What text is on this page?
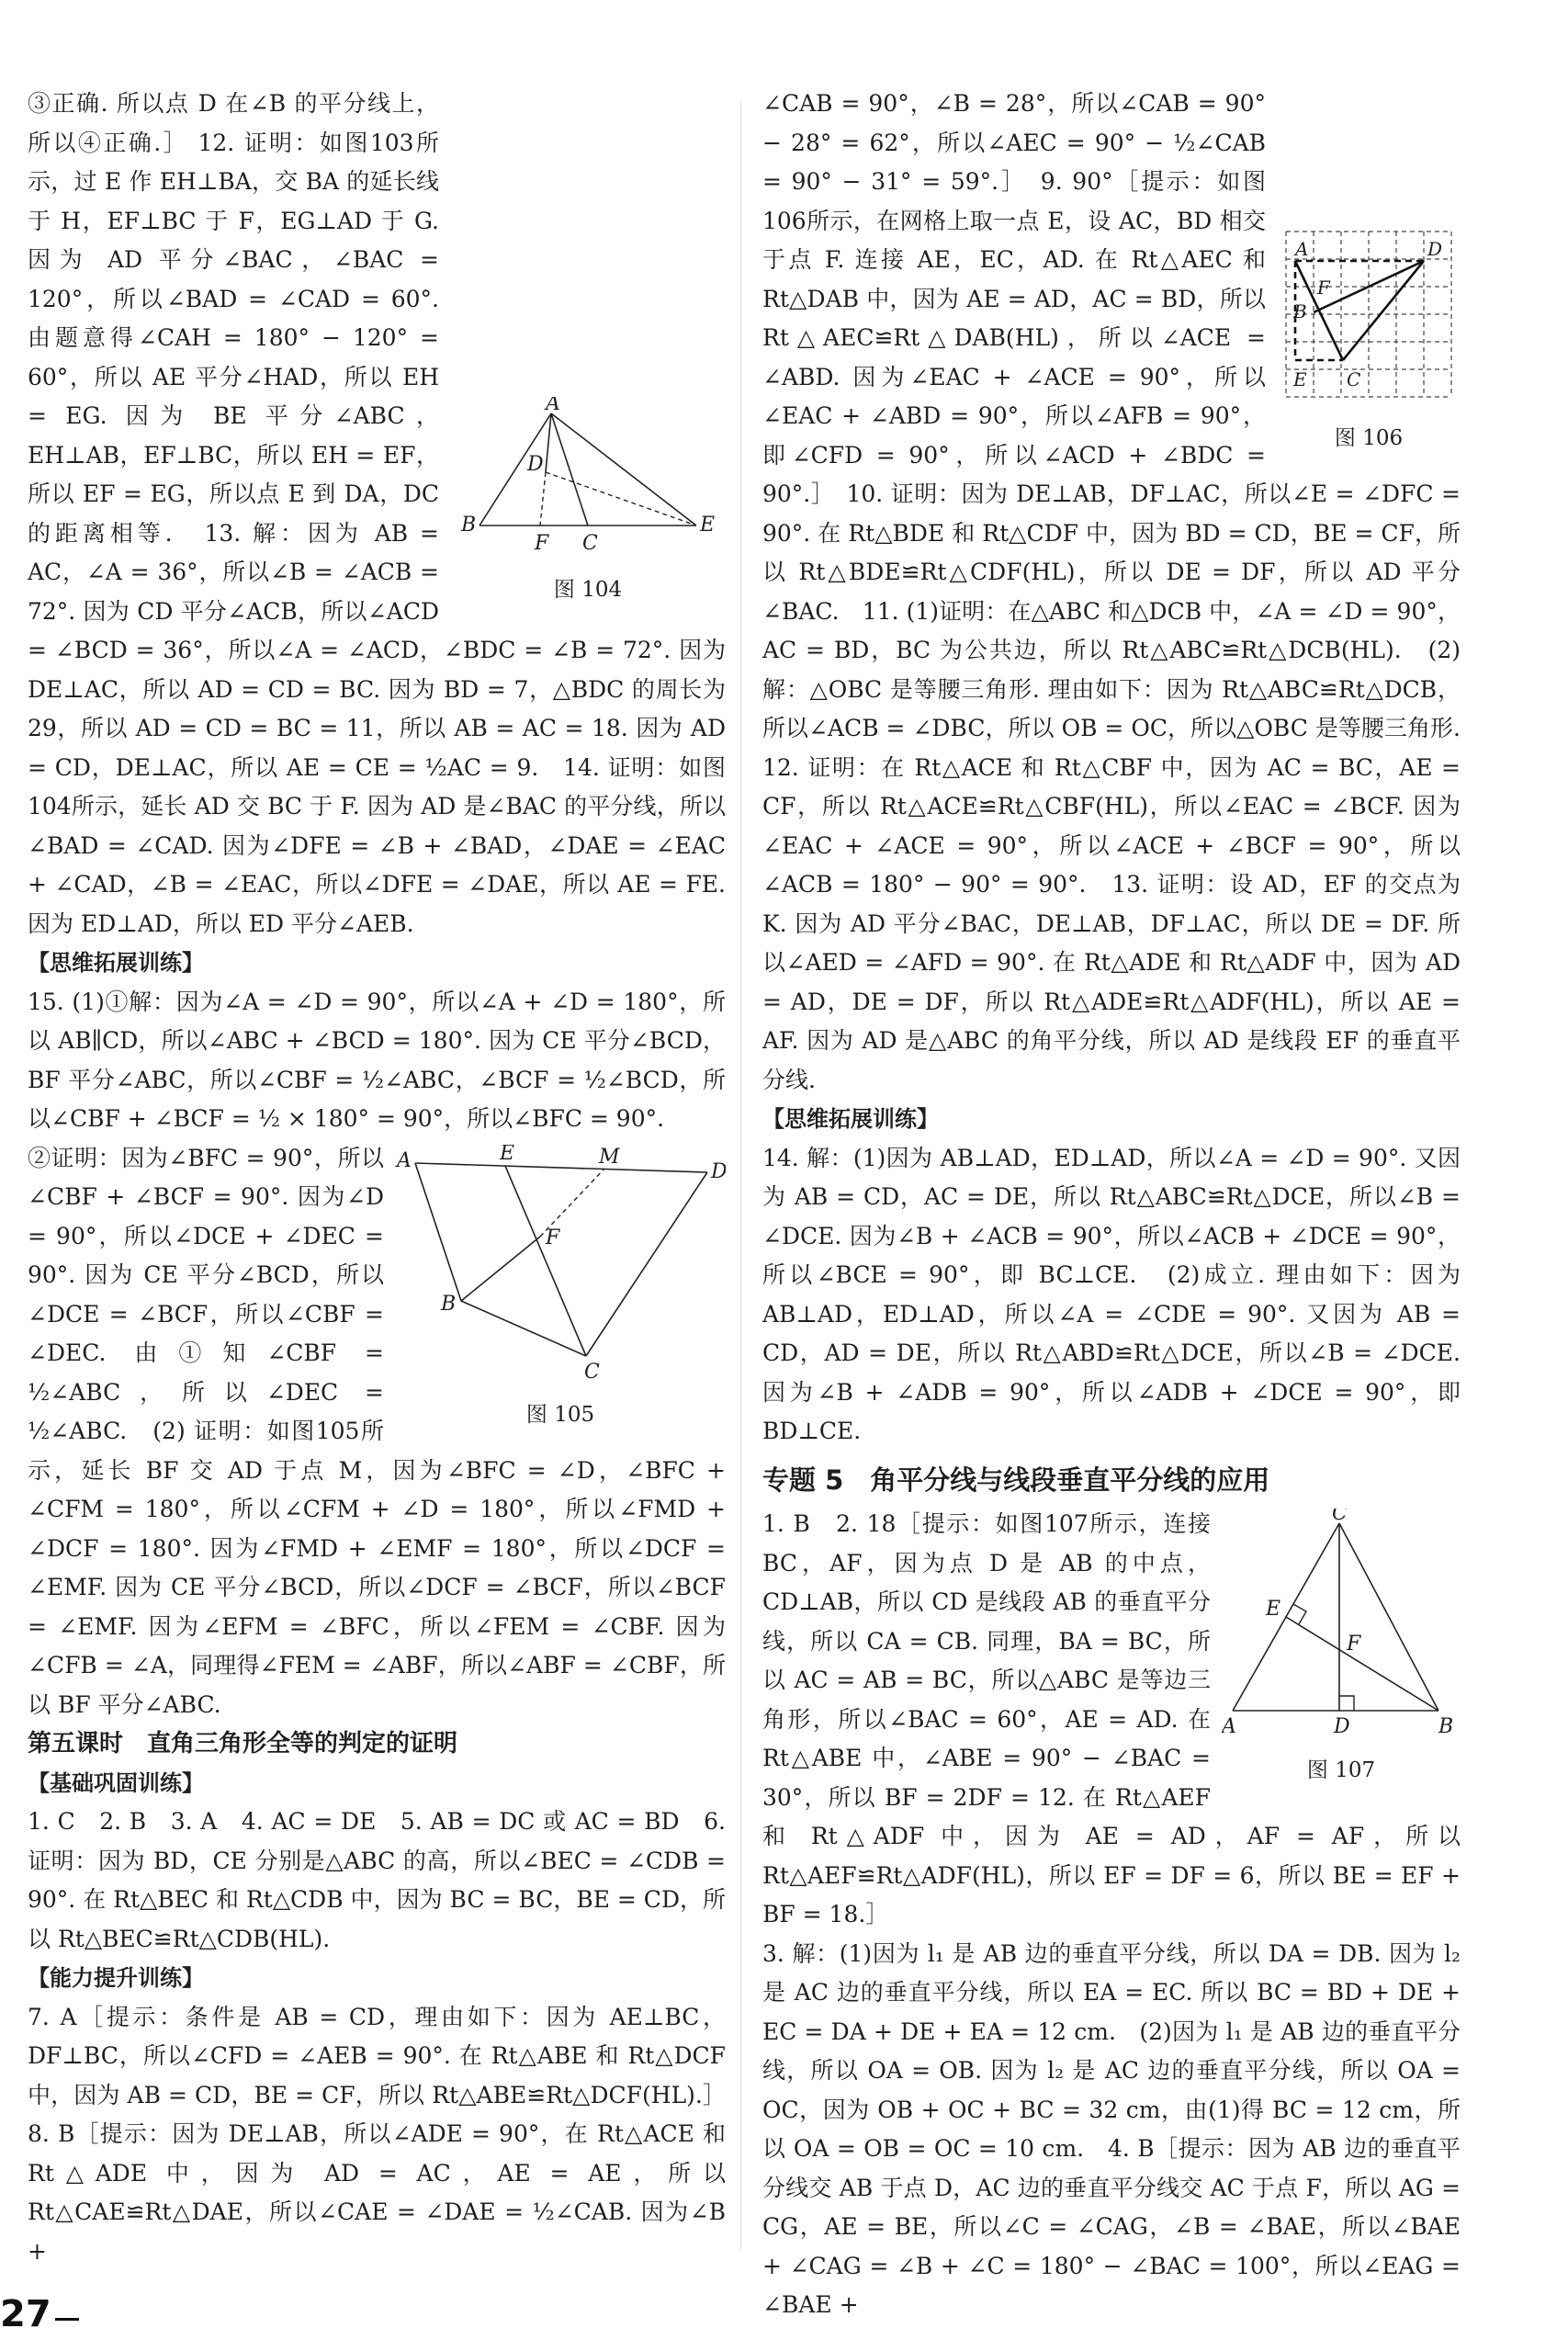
A
B
D
F C
E
图 104

③正确. 所以点 D 在∠B 的平分线上，所以④正确.］ 12. 证明：如图103所示，过 E 作 EH⊥BA，交 BA 的延长线于 H，EF⊥BC 于 F，EG⊥AD 于 G. 因为 AD 平分∠BAC，∠BAC = 120°，所以∠BAD = ∠CAD = 60°. 由题意得∠CAH = 180° − 120° = 60°，所以 AE 平分∠HAD，所以 EH = EG. 因为 BE 平分∠ABC，EH⊥AB，EF⊥BC，所以 EH = EF，所以 EF = EG，所以点 E 到 DA，DC 的距离相等.　13. 解：因为 AB = AC，∠A = 36°，所以∠B = ∠ACB = 72°. 因为 CD 平分∠ACB，所以∠ACD = ∠BCD = 36°，所以∠A = ∠ACD，∠BDC = ∠B = 72°. 因为 DE⊥AC，所以 AD = CD = BC. 因为 BD = 7，△BDC 的周长为 29，所以 AD = CD = BC = 11，所以 AB = AC = 18. 因为 AD = CD，DE⊥AC，所以 AE = CE = ½AC = 9.　14. 证明：如图104所示，延长 AD 交 BC 于 F. 因为 AD 是∠BAC 的平分线，所以∠BAD = ∠CAD. 因为∠DFE = ∠B + ∠BAD，∠DAE = ∠EAC + ∠CAD，∠B = ∠EAC，所以∠DFE = ∠DAE，所以 AE = FE. 因为 ED⊥AD，所以 ED 平分∠AEB.

【思维拓展训练】

15. (1)①解：因为∠A = ∠D = 90°，所以∠A + ∠D = 180°，所以 AB∥CD，所以∠ABC + ∠BCD = 180°. 因为 CE 平分∠BCD，BF 平分∠ABC，所以∠CBF = ½∠ABC，∠BCF = ½∠BCD，所以∠CBF + ∠BCF = ½ × 180° = 90°，所以∠BFC = 90°.

A	E	M
D
F
B
C
图 105

②证明：因为∠BFC = 90°，所以∠CBF + ∠BCF = 90°. 因为∠D = 90°，所以∠DCE + ∠DEC = 90°. 因为 CE 平分∠BCD，所以∠DCE = ∠BCF，所以∠CBF = ∠DEC. 由①知∠CBF = ½∠ABC，所以∠DEC = ½∠ABC.　(2) 证明：如图105所示，延长 BF 交 AD 于点 M，因为∠BFC = ∠D，∠BFC + ∠CFM = 180°，所以∠CFM + ∠D = 180°，所以∠FMD + ∠DCF = 180°. 因为∠FMD + ∠EMF = 180°，所以∠DCF = ∠EMF. 因为 CE 平分∠BCD，所以∠DCF = ∠BCF，所以∠BCF = ∠EMF. 因为∠EFM = ∠BFC，所以∠FEM = ∠CBF. 因为∠CFB = ∠A，同理得∠FEM = ∠ABF，所以∠ABF = ∠CBF，所以 BF 平分∠ABC.

第五课时　直角三角形全等的判定的证明

【基础巩固训练】

1. C　2. B　3. A　4. AC = DE　5. AB = DC 或 AC = BD　6. 证明：因为 BD，CE 分别是△ABC 的高，所以∠BEC = ∠CDB = 90°. 在 Rt△BEC 和 Rt△CDB 中，因为 BC = BC，BE = CD，所以 Rt△BEC≌Rt△CDB(HL).

【能力提升训练】

7. A［提示：条件是 AB = CD，理由如下：因为 AE⊥BC，DF⊥BC，所以∠CFD = ∠AEB = 90°. 在 Rt△ABE 和 Rt△DCF 中，因为 AB = CD，BE = CF，所以 Rt△ABE≌Rt△DCF(HL).］ 8. B［提示：因为 DE⊥AB，所以∠ADE = 90°，在 Rt△ACE 和 Rt△ADE 中，因为 AD = AC，AE = AE，所以 Rt△CAE≌Rt△DAE，所以∠CAE = ∠DAE = ½∠CAB. 因为∠B +

A	D
F
B
E C
图 106

∠CAB = 90°，∠B = 28°，所以∠CAB = 90° − 28° = 62°，所以∠AEC = 90° − ½∠CAB = 90° − 31° = 59°.］　9. 90°［提示：如图106所示，在网格上取一点 E，设 AC，BD 相交于点 F. 连接 AE，EC，AD. 在 Rt△AEC 和 Rt△DAB 中，因为 AE = AD，AC = BD，所以 Rt△AEC≌Rt△DAB(HL)，所以∠ACE = ∠ABD. 因为∠EAC + ∠ACE = 90°，所以∠EAC + ∠ABD = 90°，所以∠AFB = 90°，即∠CFD = 90°，所以∠ACD + ∠BDC = 90°.］　10. 证明：因为 DE⊥AB，DF⊥AC，所以∠E = ∠DFC = 90°. 在 Rt△BDE 和 Rt△CDF 中，因为 BD = CD，BE = CF，所以 Rt△BDE≌Rt△CDF(HL)，所以 DE = DF，所以 AD 平分∠BAC.　11. (1)证明：在△ABC 和△DCB 中，∠A = ∠D = 90°，AC = BD，BC 为公共边，所以 Rt△ABC≌Rt△DCB(HL).　(2)解：△OBC 是等腰三角形. 理由如下：因为 Rt△ABC≌Rt△DCB，所以∠ACB = ∠DBC，所以 OB = OC，所以△OBC 是等腰三角形.　12. 证明：在 Rt△ACE 和 Rt△CBF 中，因为 AC = BC，AE = CF，所以 Rt△ACE≌Rt△CBF(HL)，所以∠EAC = ∠BCF. 因为∠EAC + ∠ACE = 90°，所以∠ACE + ∠BCF = 90°，所以∠ACB = 180° − 90° = 90°.　13. 证明：设 AD，EF 的交点为 K. 因为 AD 平分∠BAC，DE⊥AB，DF⊥AC，所以 DE = DF. 所以∠AED = ∠AFD = 90°. 在 Rt△ADE 和 Rt△ADF 中，因为 AD = AD，DE = DF，所以 Rt△ADE≌Rt△ADF(HL)，所以 AE = AF. 因为 AD 是△ABC 的角平分线，所以 AD 是线段 EF 的垂直平分线.

【思维拓展训练】

14. 解：(1)因为 AB⊥AD，ED⊥AD，所以∠A = ∠D = 90°. 又因为 AB = CD，AC = DE，所以 Rt△ABC≌Rt△DCE，所以∠B = ∠DCE. 因为∠B + ∠ACB = 90°，所以∠ACB + ∠DCE = 90°，所以∠BCE = 90°，即 BC⊥CE.　(2)成立. 理由如下：因为 AB⊥AD，ED⊥AD，所以∠A = ∠CDE = 90°. 又因为 AB = CD，AD = DE，所以 Rt△ABD≌Rt△DCE，所以∠B = ∠DCE. 因为∠B + ∠ADB = 90°，所以∠ADB + ∠DCE = 90°，即 BD⊥CE.

专题 5　角平分线与线段垂直平分线的应用

C
E
F
A	D	B
图 107

1. B　2. 18［提示：如图107所示，连接 BC，AF，因为点 D 是 AB 的中点，CD⊥AB，所以 CD 是线段 AB 的垂直平分线，所以 CA = CB. 同理，BA = BC，所以 AC = AB = BC，所以△ABC 是等边三角形，所以∠BAC = 60°，AE = AD. 在 Rt△ABE 中，∠ABE = 90° − ∠BAC = 30°，所以 BF = 2DF = 12. 在 Rt△AEF 和 Rt△ADF 中，因为 AE = AD，AF = AF，所以 Rt△AEF≌Rt△ADF(HL)，所以 EF = DF = 6，所以 BE = EF + BF = 18.］

3. 解：(1)因为 l₁ 是 AB 边的垂直平分线，所以 DA = DB. 因为 l₂ 是 AC 边的垂直平分线，所以 EA = EC. 所以 BC = BD + DE + EC = DA + DE + EA = 12 cm.　(2)因为 l₁ 是 AB 边的垂直平分线，所以 OA = OB. 因为 l₂ 是 AC 边的垂直平分线，所以 OA = OC，因为 OB + OC + BC = 32 cm，由(1)得 BC = 12 cm，所以 OA = OB = OC = 10 cm.　4. B［提示：因为 AB 边的垂直平分线交 AB 于点 D，AC 边的垂直平分线交 AC 于点 F，所以 AG = CG，AE = BE，所以∠C = ∠CAG，∠B = ∠BAE，所以∠BAE + ∠CAG = ∠B + ∠C = 180° − ∠BAC = 100°，所以∠EAG = ∠BAE +

27
